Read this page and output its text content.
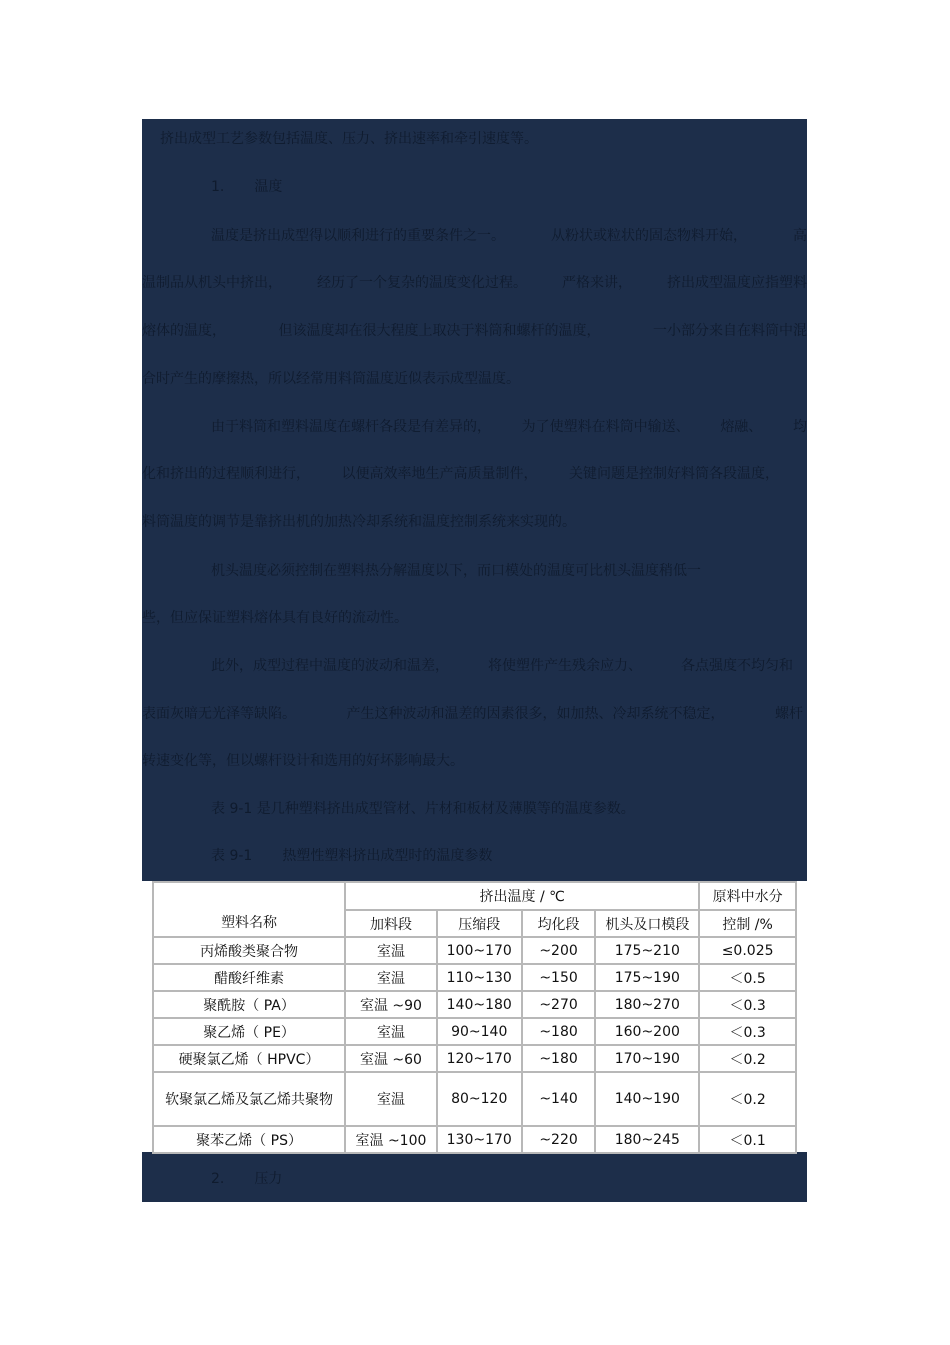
挤出成型工艺参数包括温度、压力、挤出速率和牵引速度等。
1. 温度
温度是挤出成型得以顺利进行的重要条件之一。	从粉状或粒状的固态物料开始，	高
温制品从机头中挤出，	经历了一个复杂的温度变化过程。	严格来讲，	挤出成型温度应指塑料
熔体的温度，	但该温度却在很大程度上取决于料筒和螺杆的温度，	一小部分来自在料筒中混
合时产生的摩擦热，所以经常用料筒温度近似表示成型温度。
由于料筒和塑料温度在螺杆各段是有差异的， 为了使塑料在料筒中输送、 熔融、 均
化和挤出的过程顺利进行， 以便高效率地生产高质量制件， 关键问题是控制好料筒各段温度，
料筒温度的调节是靠挤出机的加热冷却系统和温度控制系统来实现的。
机头温度必须控制在塑料热分解温度以下，而口模处的温度可比机头温度稍低一
些，但应保证塑料熔体具有良好的流动性。
此外，成型过程中温度的波动和温差，	将使塑件产生残余应力、	各点强度不均匀和
表面灰暗无光泽等缺陷。	产生这种波动和温差的因素很多，如加热、冷却系统不稳定，	螺杆
转速变化等，但以螺杆设计和选用的好坏影响最大。
表 9-1 是几种塑料挤出成型管材、片材和板材及薄膜等的温度参数。
表 9-1 热塑性塑料挤出成型时的温度参数
塑料名称	挤出温度 / ℃				原料中水分
	加料段	压缩段	均化段	机头及口模段	控制 /%
丙烯酸类聚合物	室温	100~170	~200	175~210	≤0.025
醋酸纤维素	室温	110~130	~150	175~190	＜0.5
聚酰胺（ PA）	室温 ~90	140~180	~270	180~270	＜0.3
聚乙烯（ PE）	室温	90~140	~180	160~200	＜0.3
硬聚氯乙烯（ HPVC）	室温 ~60	120~170	~180	170~190	＜0.2
软聚氯乙烯及氯乙烯共聚物	室温	80~120	~140	140~190	＜0.2
聚苯乙烯（ PS）	室温 ~100	130~170	~220	180~245	＜0.1
2. 压力
